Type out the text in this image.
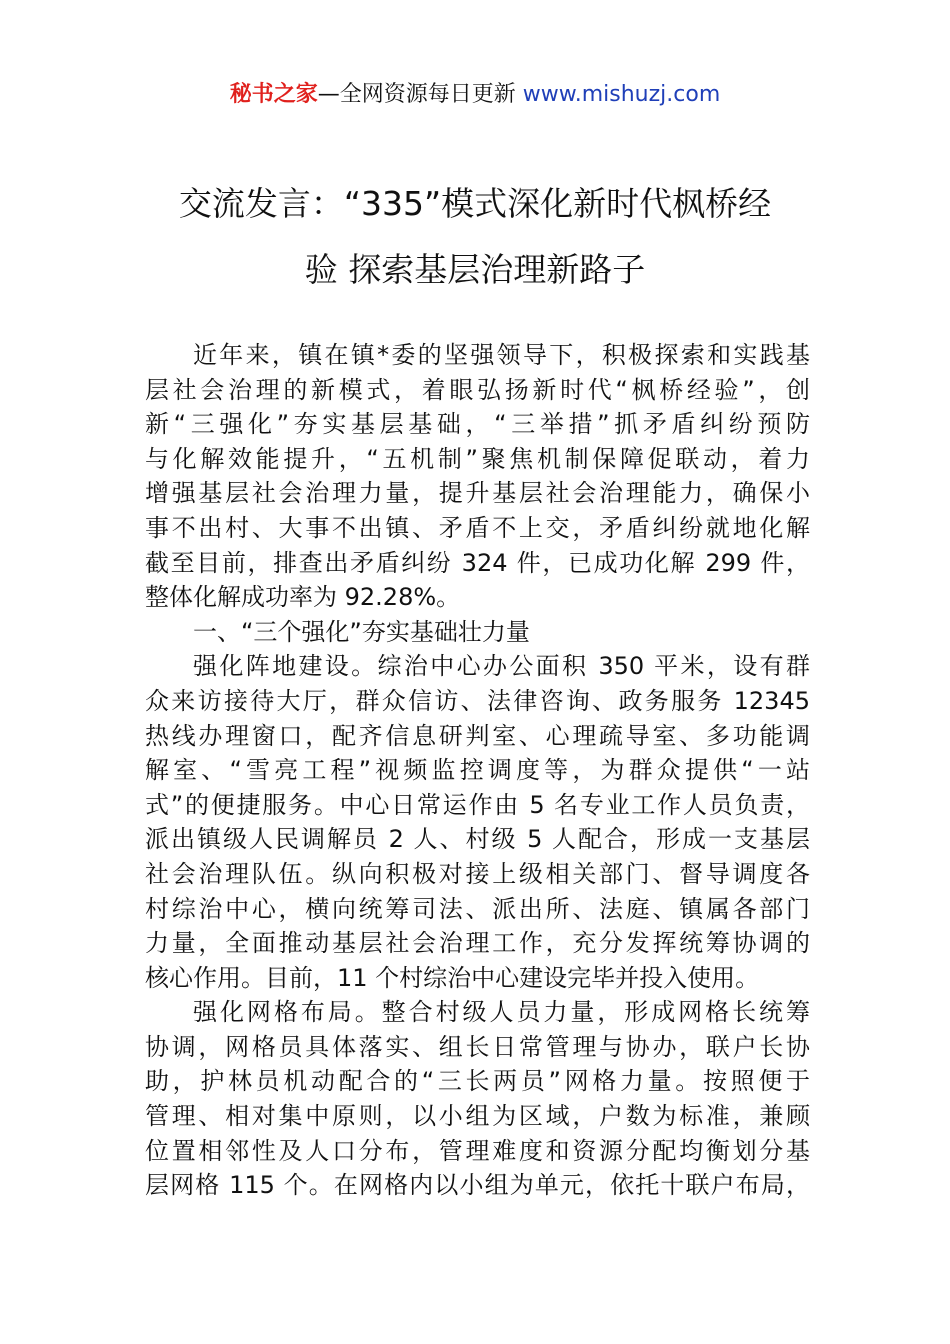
秘书之家—全网资源每日更新 www.mishuzj.com
交流发言：“335”模式深化新时代枫桥经
验 探索基层治理新路子
近年来，镇在镇*委的坚强领导下，积极探索和实践基
层社会治理的新模式，着眼弘扬新时代“枫桥经验”，创
新“三强化”夯实基层基础，“三举措”抓矛盾纠纷预防
与化解效能提升，“五机制”聚焦机制保障促联动，着力
增强基层社会治理力量，提升基层社会治理能力，确保小
事不出村、大事不出镇、矛盾不上交，矛盾纠纷就地化解
截至目前，排查出矛盾纠纷 324 件，已成功化解 299 件，
整体化解成功率为 92.28%。
一、“三个强化”夯实基础壮力量
强化阵地建设。综治中心办公面积 350 平米，设有群
众来访接待大厅，群众信访、法律咨询、政务服务 12345
热线办理窗口，配齐信息研判室、心理疏导室、多功能调
解室、“雪亮工程”视频监控调度等，为群众提供“一站
式”的便捷服务。中心日常运作由 5 名专业工作人员负责，
派出镇级人民调解员 2 人、村级 5 人配合，形成一支基层
社会治理队伍。纵向积极对接上级相关部门、督导调度各
村综治中心，横向统筹司法、派出所、法庭、镇属各部门
力量，全面推动基层社会治理工作，充分发挥统筹协调的
核心作用。目前，11 个村综治中心建设完毕并投入使用。
强化网格布局。整合村级人员力量，形成网格长统筹
协调，网格员具体落实、组长日常管理与协办，联户长协
助，护林员机动配合的“三长两员”网格力量。按照便于
管理、相对集中原则，以小组为区域，户数为标准，兼顾
位置相邻性及人口分布，管理难度和资源分配均衡划分基
层网格 115 个。在网格内以小组为单元，依托十联户布局，
